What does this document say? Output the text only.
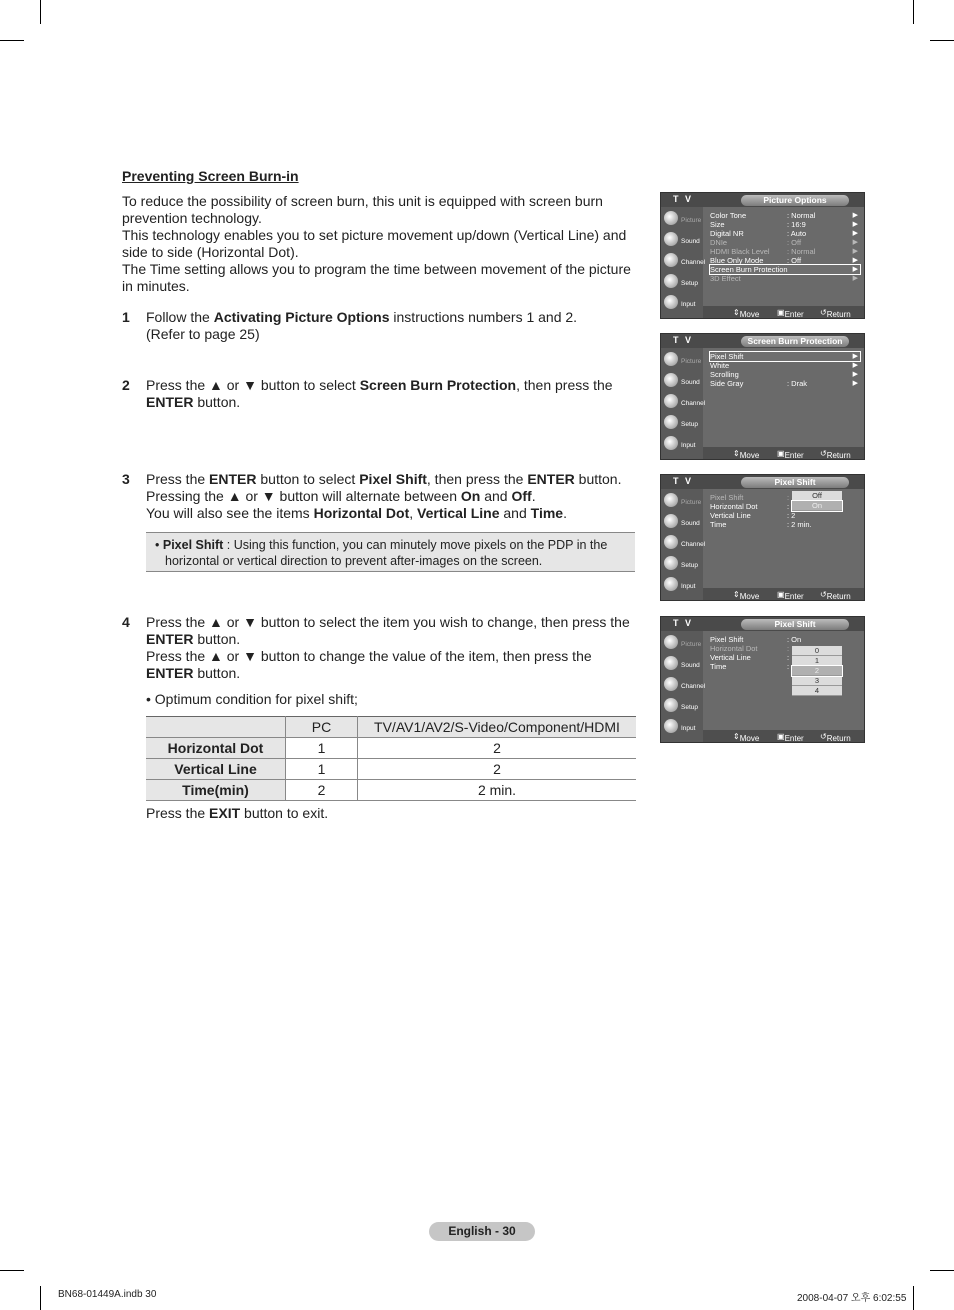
Preventing Screen Burn-in
To reduce the possibility of screen burn, this unit is equipped with screen burn prevention technology.
This technology enables you to set picture movement up/down (Vertical Line) and side to side (Horizontal Dot).
The Time setting allows you to program the time between movement of the picture in minutes.
1 Follow the Activating Picture Options instructions numbers 1 and 2.
(Refer to page 25)
2 Press the ▲ or ▼ button to select Screen Burn Protection, then press the
ENTER button.
3 Press the ENTER button to select Pixel Shift, then press the ENTER button.
Pressing the ▲ or ▼ button will alternate between On and Off.
You will also see the items Horizontal Dot, Vertical Line and Time.
• Pixel Shift : Using this function, you can minutely move pixels on the PDP in the
horizontal or vertical direction to prevent after-images on the screen.
4 Press the ▲ or ▼ button to select the item you wish to change, then press the ENTER button.
Press the ▲ or ▼ button to change the value of the item, then press the ENTER button.
• Optimum condition for pixel shift;
	PC	TV/AV1/AV2/S-Video/Component/HDMI
Horizontal Dot	1	2
Vertical Line	1	2
Time(min)	2	2 min.
Press the EXIT button to exit.
T V	Picture Options
Picture
Sound
Channel
Setup
Input
Color Tone	: Normal	▶
Size	: 16:9	▶
Digital NR	: Auto	▶
DNIe	: Off	▶
HDMI Black Level : Normal	▶
Blue Only Mode	: Off	▶
Screen Burn Protection	▶
3D Effect	▶
⇕ Move ▣ Enter ↺ Return
T V	Screen Burn Protection
Picture
Sound
Channel
Setup
Input
Pixel Shift	▶
White	▶
Scrolling	▶
Side Gray	: Drak	▶
⇕ Move ▣ Enter ↺ Return
T V	Pixel Shift
Picture
Sound
Channel
Setup
Input
Pixel Shift	:
Horizontal Dot	:
Vertical Line	: 2
Time	: 2 min.
Off
On
⇕ Move ▣ Enter ↺ Return
T V	Pixel Shift
Picture
Sound
Channel
Setup
Input
Pixel Shift	: On
Horizontal Dot	:
Vertical Line	:
Time	:
0
1
2
3
4
⇕ Move ▣ Enter ↺ Return
English - 30
BN68-01449A.indb 30	2008-04-07 오후 6:02:55
